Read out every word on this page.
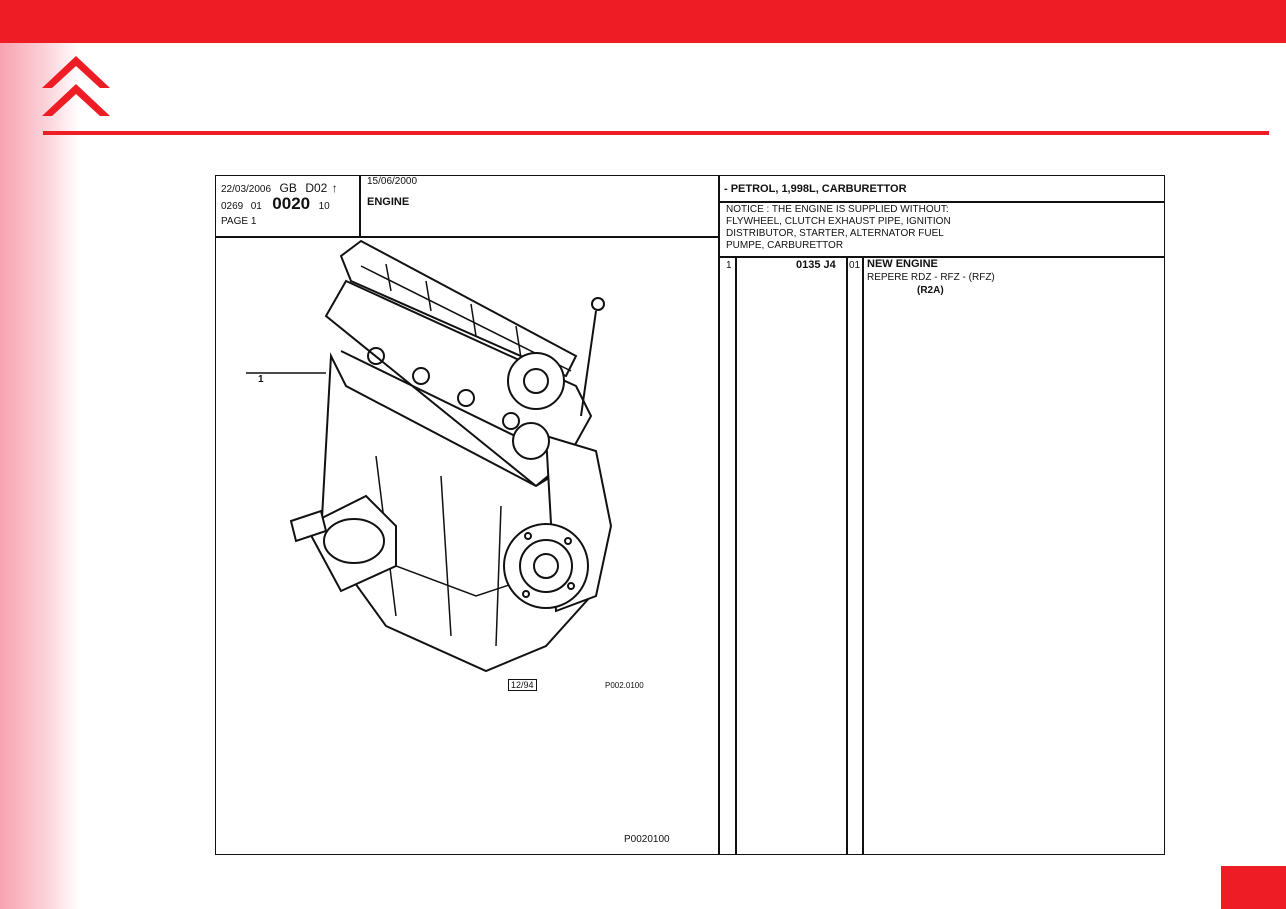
22/03/2006 GB D02 ↑
0269 01 0020 10
PAGE 1
15/06/2000
ENGINE
- PETROL, 1,998L, CARBURETTOR
NOTICE : THE ENGINE IS SUPPLIED WITHOUT:
FLYWHEEL, CLUTCH EXHAUST PIPE, IGNITION
DISTRIBUTOR, STARTER, ALTERNATOR FUEL
PUMPE, CARBURETTOR
1	0135 J4 01 NEW ENGINE
REPERE RDZ - RFZ - (RFZ)
(R2A)
1
12/94	P002.0100
P0020100
